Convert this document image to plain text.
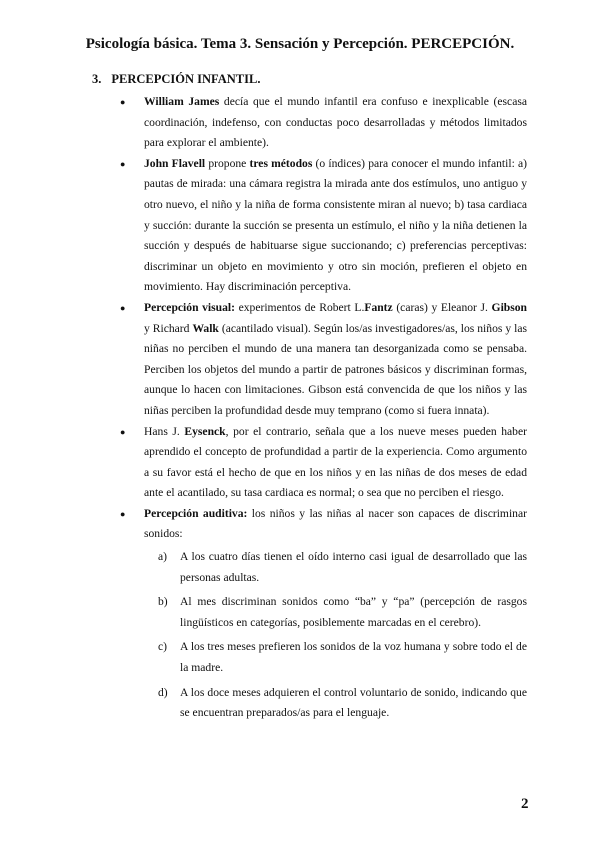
Psicología básica. Tema 3. Sensación y Percepción. PERCEPCIÓN.
3. PERCEPCIÓN INFANTIL.
● William James decía que el mundo infantil era confuso e inexplicable (escasa coordinación, indefenso, con conductas poco desarrolladas y métodos limitados para explorar el ambiente).
● John Flavell propone tres métodos (o índices) para conocer el mundo infantil: a) pautas de mirada: una cámara registra la mirada ante dos estímulos, uno antiguo y otro nuevo, el niño y la niña de forma consistente miran al nuevo; b) tasa cardiaca y succión: durante la succión se presenta un estímulo, el niño y la niña detienen la succión y después de habituarse sigue succionando; c) preferencias perceptivas: discriminar un objeto en movimiento y otro sin moción, prefieren el objeto en movimiento. Hay discriminación perceptiva.
● Percepción visual: experimentos de Robert L.Fantz (caras) y Eleanor J. Gibson y Richard Walk (acantilado visual). Según los/as investigadores/as, los niños y las niñas no perciben el mundo de una manera tan desorganizada como se pensaba. Perciben los objetos del mundo a partir de patrones básicos y discriminan formas, aunque lo hacen con limitaciones. Gibson está convencida de que los niños y las niñas perciben la profundidad desde muy temprano (como si fuera innata).
● Hans J. Eysenck, por el contrario, señala que a los nueve meses pueden haber aprendido el concepto de profundidad a partir de la experiencia. Como argumento a su favor está el hecho de que en los niños y en las niñas de dos meses de edad ante el acantilado, su tasa cardiaca es normal; o sea que no perciben el riesgo.
● Percepción auditiva: los niños y las niñas al nacer son capaces de discriminar sonidos:
a) A los cuatro días tienen el oído interno casi igual de desarrollado que las personas adultas.
b) Al mes discriminan sonidos como “ba” y “pa” (percepción de rasgos lingüísticos en categorías, posiblemente marcadas en el cerebro).
c) A los tres meses prefieren los sonidos de la voz humana y sobre todo el de la madre.
d) A los doce meses adquieren el control voluntario de sonido, indicando que se encuentran preparados/as para el lenguaje.
2
